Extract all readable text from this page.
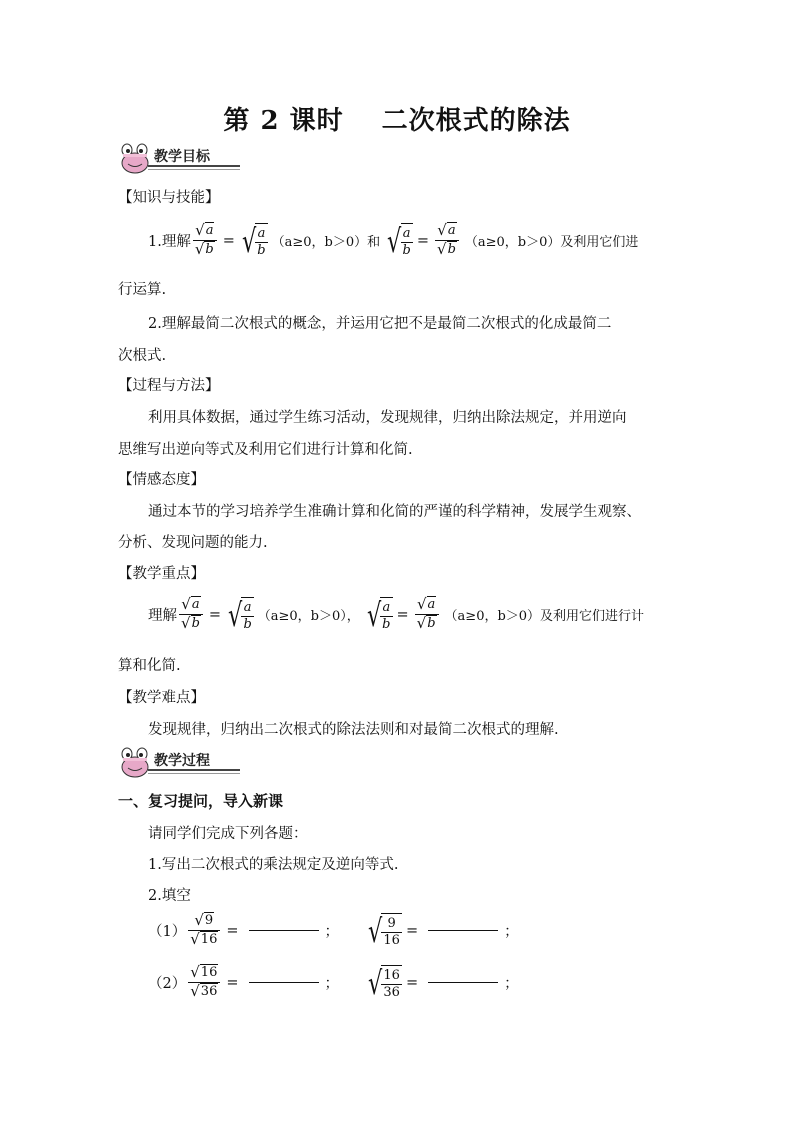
第 2 课时 二次根式的除法
教学目标
【知识与技能】
1.理解 $\frac{√ a}{√ b}$ = √ $\frac{a}{b} (a\ge 0$，b＞0）和 √ $\frac{a}{b} = \frac{√ a}{√ b} (a\ge 0$，b＞0）及利用它们进
行运算.
2.理解最简二次根式的概念，并运用它把不是最简二次根式的化成最简二
次根式.
【过程与方法】
利用具体数据，通过学生练习活动，发现规律，归纳出除法规定，并用逆向
思维写出逆向等式及利用它们进行计算和化简.
【情感态度】
通过本节的学习培养学生准确计算和化简的严谨的科学精神，发展学生观察、
分析、发现问题的能力.
【教学重点】
理解 $\frac{√ a}{√ b}$ = √ $\frac{a}{b} (a\ge 0$，b＞0）， √ $\frac{a}{b} = \frac{√ a}{√ b} (a\ge 0$，b＞0）及利用它们进行计
算和化简.
【教学难点】
发现规律，归纳出二次根式的除法法则和对最简二次根式的理解.
教学过程
一、复习提问，导入新课
请同学们完成下列各题：
1.写出二次根式的乘法规定及逆向等式.
2.填空
$(1) \frac{√ 9}{√ 16}$ =	； √ $\frac{9}{16}$ =	；
$(2) \frac{√ 16}{√ 36}$ =	； √ $\frac{16}{36}$ =	；
